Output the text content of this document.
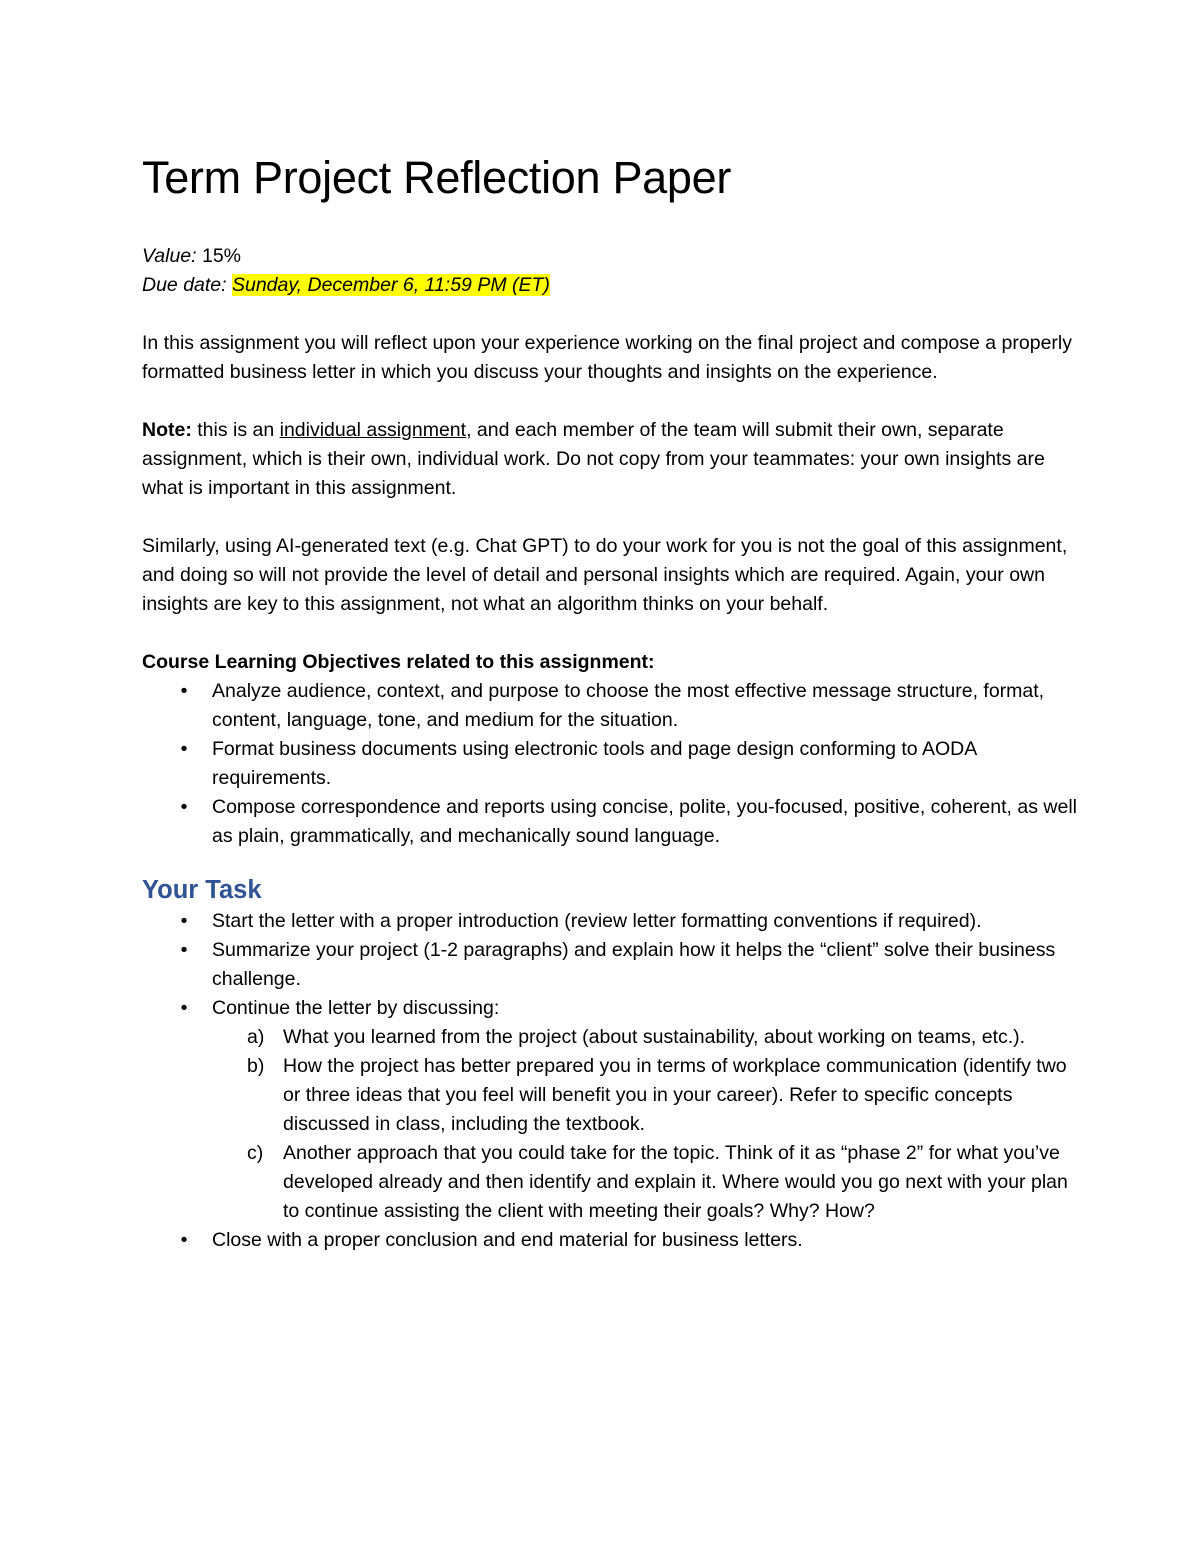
Term Project Reflection Paper

Value: 15%

Due date: Sunday, December 6, 11:59 PM (ET)

In this assignment you will reflect upon your experience working on the final project and compose a properly formatted business letter in which you discuss your thoughts and insights on the experience.

Note: this is an individual assignment, and each member of the team will submit their own, separate assignment, which is their own, individual work. Do not copy from your teammates: your own insights are what is important in this assignment.

Similarly, using AI-generated text (e.g. Chat GPT) to do your work for you is not the goal of this assignment, and doing so will not provide the level of detail and personal insights which are required. Again, your own insights are key to this assignment, not what an algorithm thinks on your behalf.

Course Learning Objectives related to this assignment:

•	Analyze audience, context, and purpose to choose the most effective message structure, format, content, language, tone, and medium for the situation.
•	Format business documents using electronic tools and page design conforming to AODA requirements.
•	Compose correspondence and reports using concise, polite, you-focused, positive, coherent, as well as plain, grammatically, and mechanically sound language.
Your Task
•	Start the letter with a proper introduction (review letter formatting conventions if required).
•	Summarize your project (1-2 paragraphs) and explain how it helps the “client” solve their business challenge.
•	Continue the letter by discussing:
a) What you learned from the project (about sustainability, about working on teams, etc.).
b) How the project has better prepared you in terms of workplace communication (identify two or three ideas that you feel will benefit you in your career). Refer to specific concepts discussed in class, including the textbook.
c) Another approach that you could take for the topic. Think of it as “phase 2” for what you’ve developed already and then identify and explain it. Where would you go next with your plan to continue assisting the client with meeting their goals? Why? How?
•	Close with a proper conclusion and end material for business letters.
